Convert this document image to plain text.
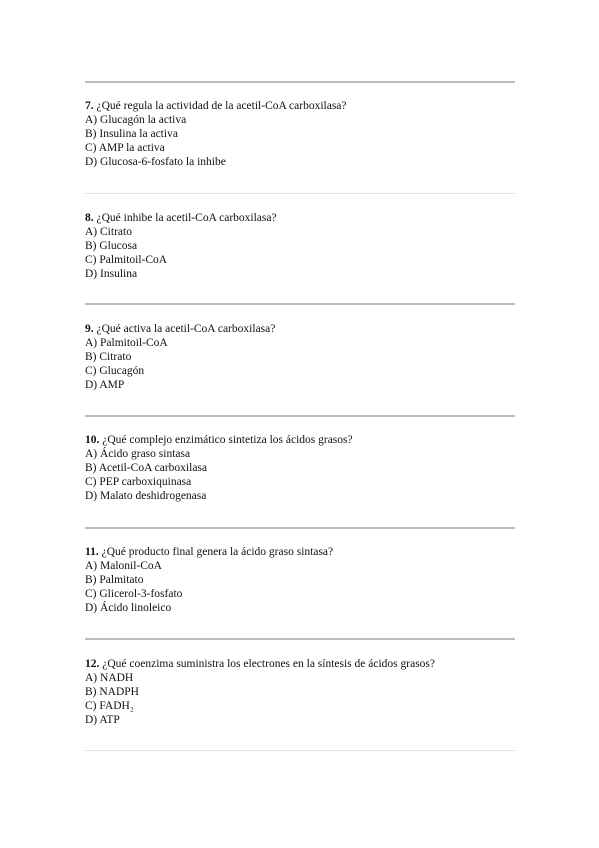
7. ¿Qué regula la actividad de la acetil-CoA carboxilasa?
A) Glucagón la activa
B) Insulina la activa
C) AMP la activa
D) Glucosa-6-fosfato la inhibe
8. ¿Qué inhibe la acetil-CoA carboxilasa?
A) Citrato
B) Glucosa
C) Palmitoil-CoA
D) Insulina
9. ¿Qué activa la acetil-CoA carboxilasa?
A) Palmitoil-CoA
B) Citrato
C) Glucagón
D) AMP
10. ¿Qué complejo enzimático sintetiza los ácidos grasos?
A) Ácido graso sintasa
B) Acetil-CoA carboxilasa
C) PEP carboxiquinasa
D) Malato deshidrogenasa
11. ¿Qué producto final genera la ácido graso sintasa?
A) Malonil-CoA
B) Palmitato
C) Glicerol-3-fosfato
D) Ácido linoleico
12. ¿Qué coenzima suministra los electrones en la síntesis de ácidos grasos?
A) NADH
B) NADPH
C) FADH₂
D) ATP
